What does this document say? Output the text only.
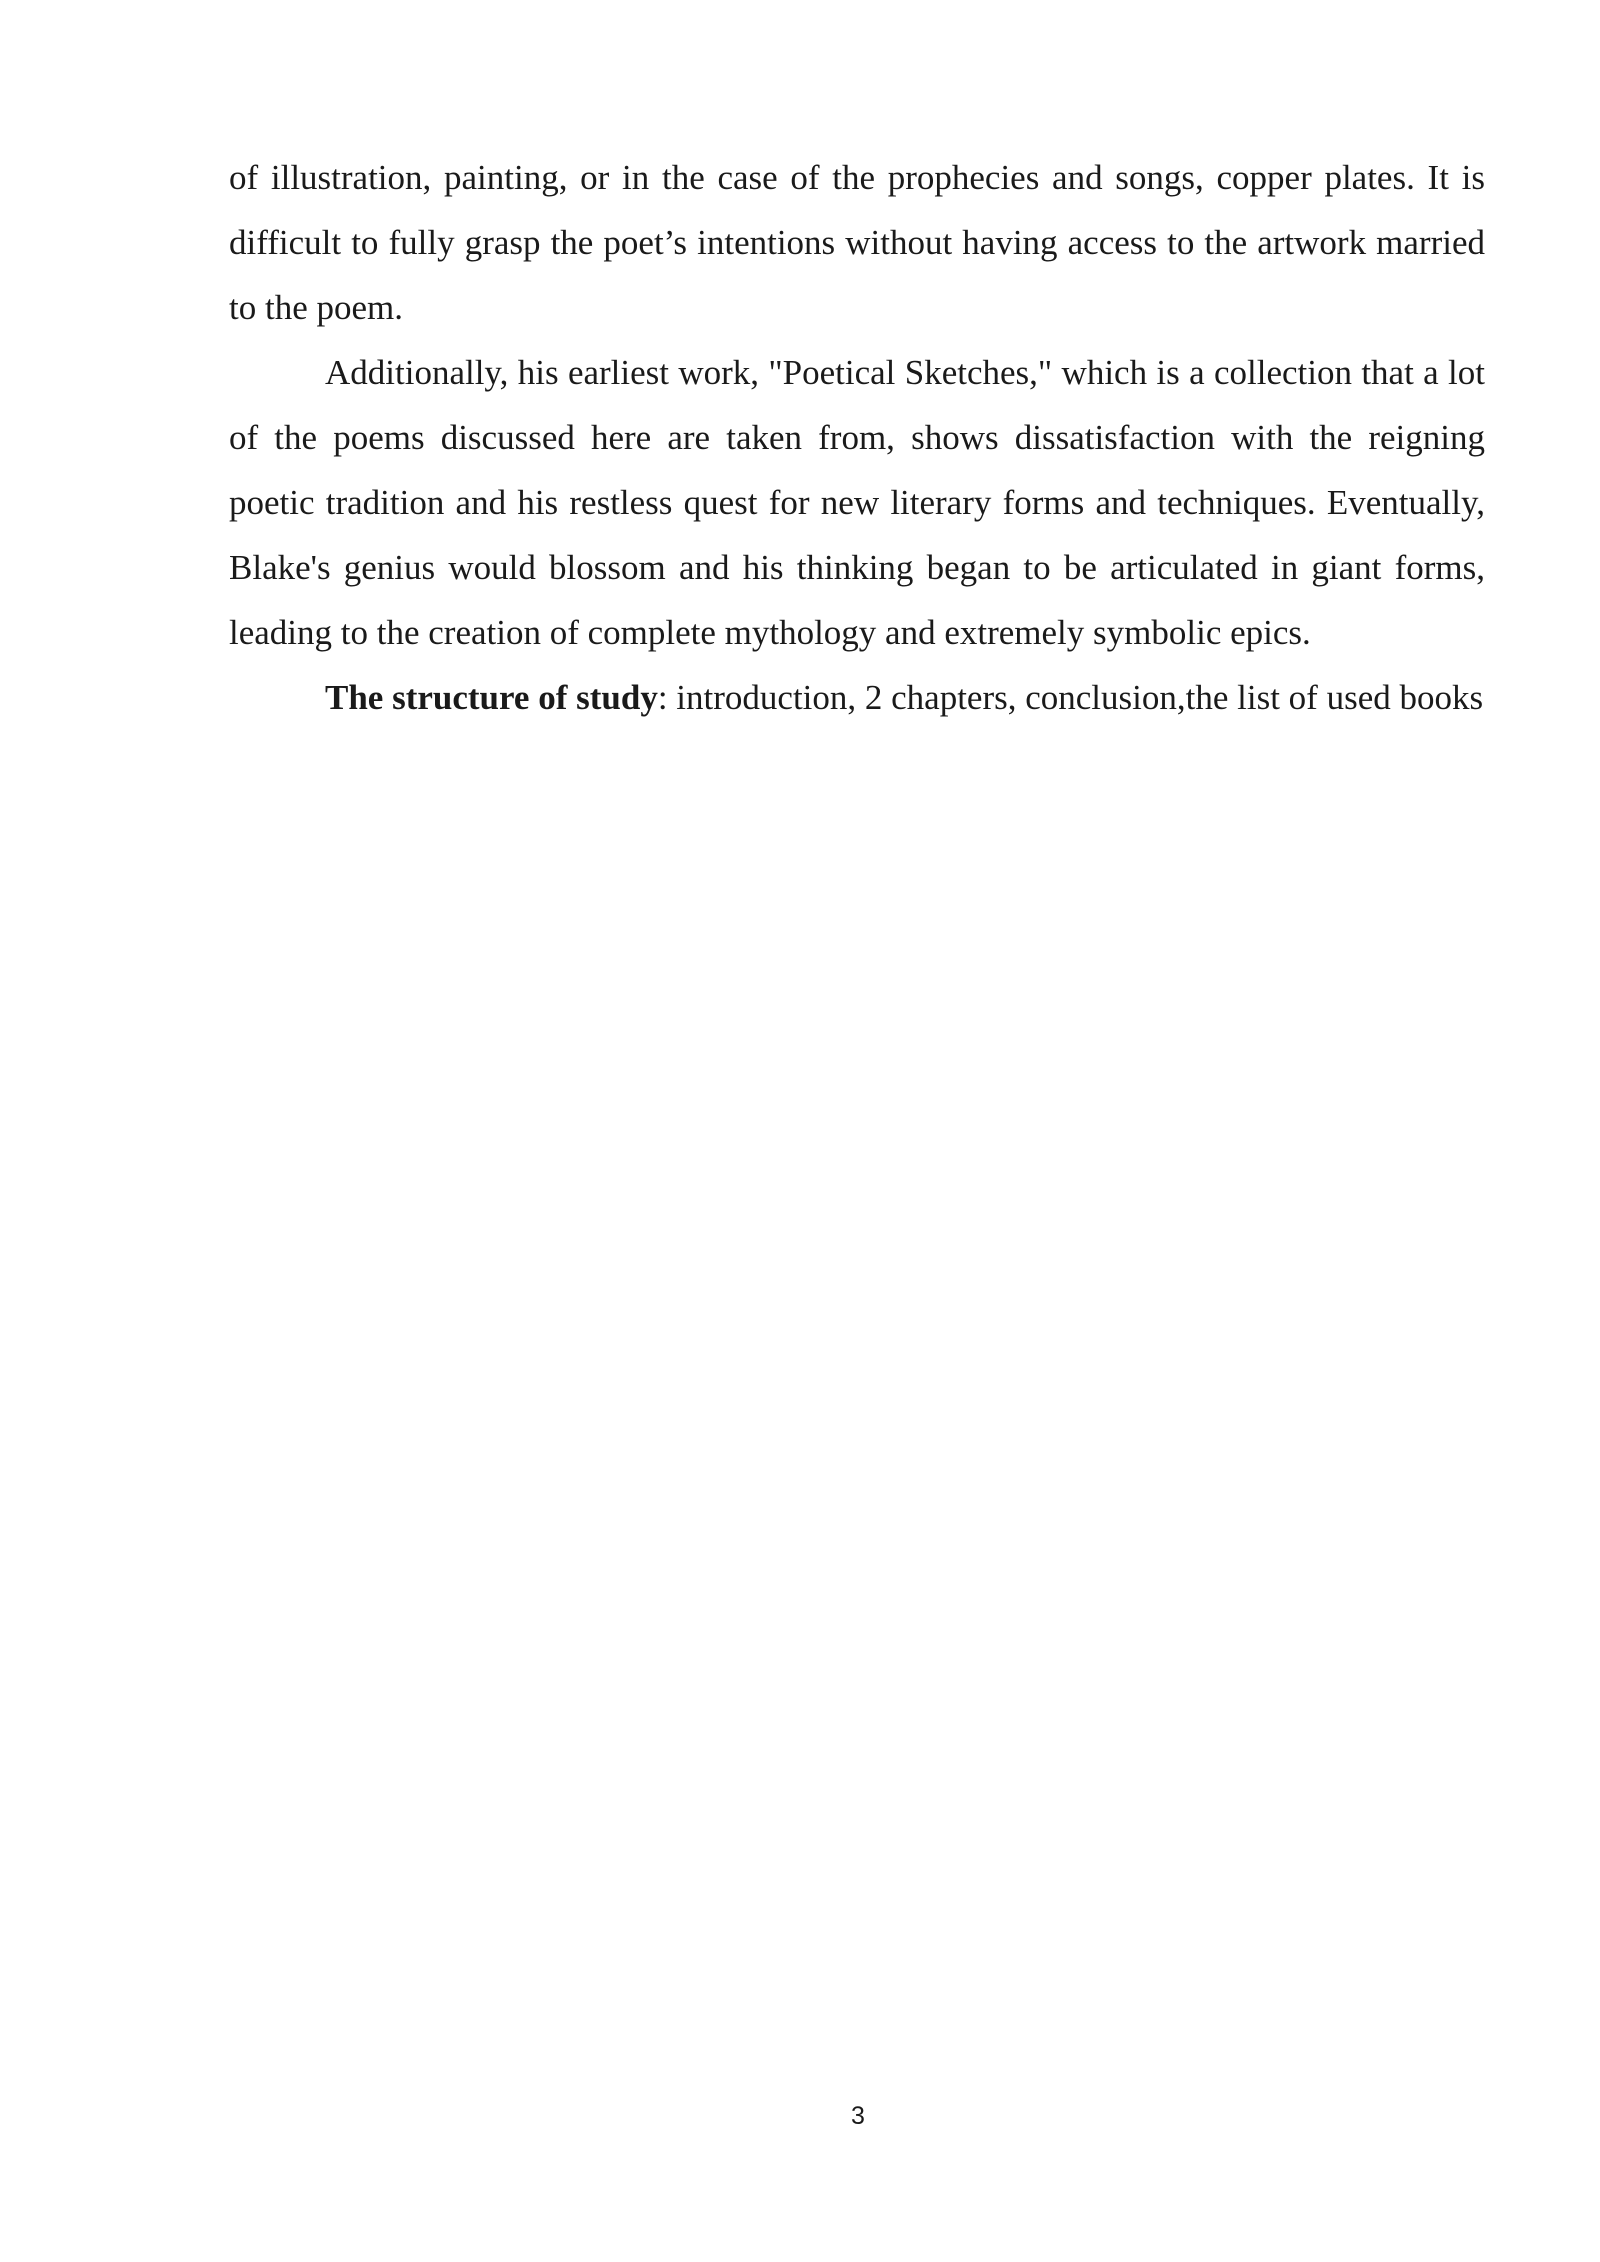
of illustration, painting, or in the case of the prophecies and songs, copper plates. It is difficult to fully grasp the poet’s intentions without having access to the artwork married to the poem.

Additionally, his earliest work, "Poetical Sketches," which is a collection that a lot of the poems discussed here are taken from, shows dissatisfaction with the reigning poetic tradition and his restless quest for new literary forms and techniques. Eventually, Blake's genius would blossom and his thinking began to be articulated in giant forms, leading to the creation of complete mythology and extremely symbolic epics.

The structure of study: introduction, 2 chapters, conclusion,the list of used books

3
